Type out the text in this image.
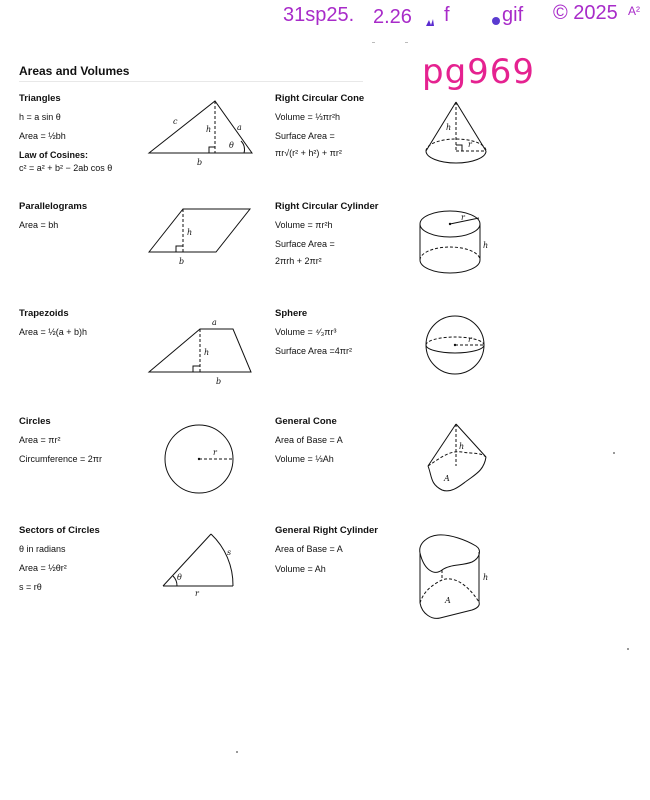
31sp25. 2.26 f	gif © 2025 A²
pg969
Areas and Volumes
Triangles
h = a sin θ
Area = ½bh
Law of Cosines:
c² = a² + b² − 2ab cos θ
c
h	a
θ
b
Parallelograms
Area = bh
h
b
Trapezoids
Area = ½(a + b)h
a
h
b
Circles
Area = πr²
Circumference = 2πr
r
Sectors of Circles
θ in radians
Area = ½θr²
s = rθ
θ
s
r
Right Circular Cone
Volume = ⅓πr²h
Surface Area =
πr√(r² + h²) + πr²
h
r
Right Circular Cylinder
Volume = πr²h
Surface Area =
2πrh + 2πr²
r
h
Sphere
Volume = ⁴⁄₃πr³
Surface Area =4πr²
r
General Cone
Area of Base = A
Volume = ⅓Ah
h
A
General Right Cylinder
Area of Base = A
Volume = Ah
h
A
